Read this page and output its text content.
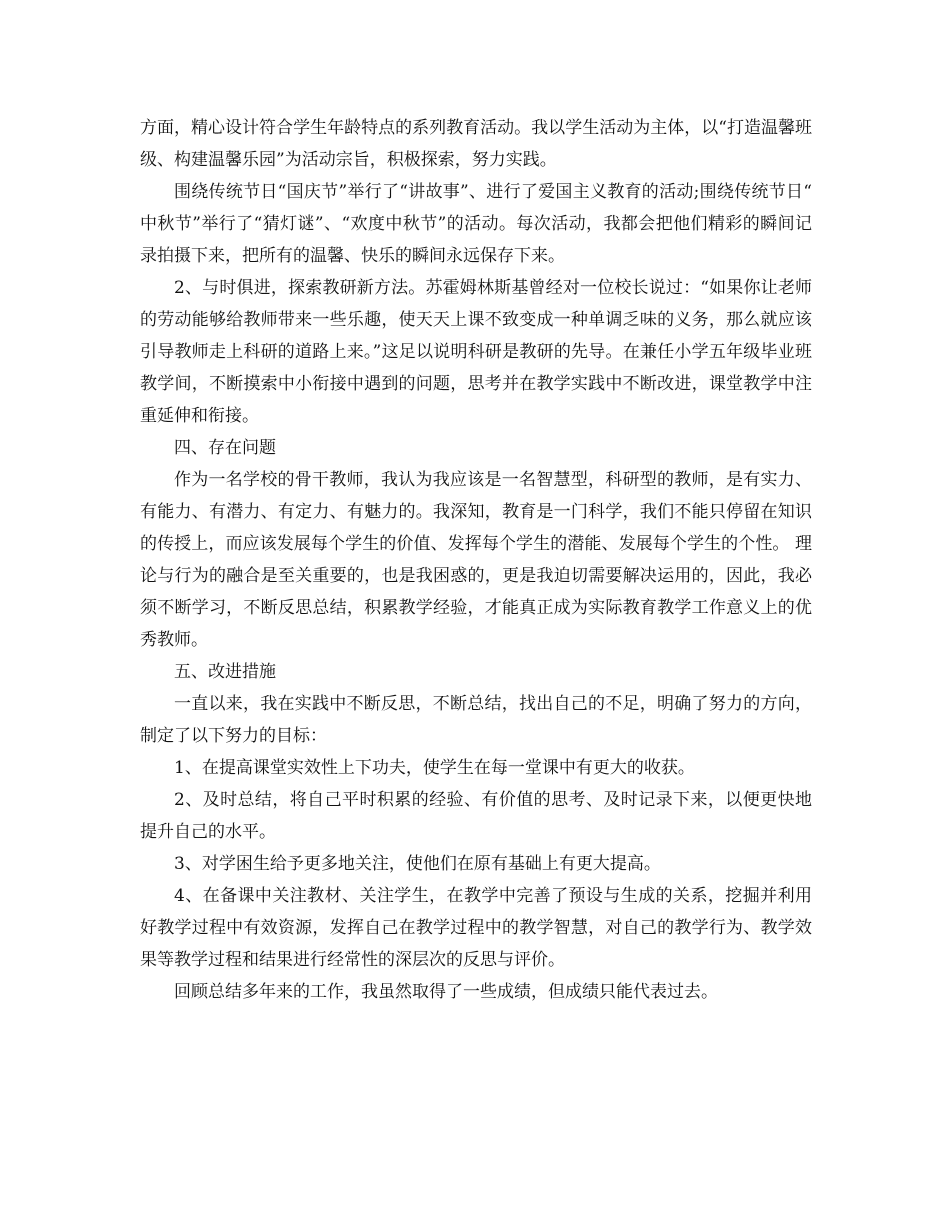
方面，精心设计符合学生年龄特点的系列教育活动。我以学生活动为主体，以“打造温馨班级、构建温馨乐园”为活动宗旨，积极探索，努力实践。

围绕传统节日“国庆节”举行了“讲故事”、进行了爱国主义教育的活动;围绕传统节日“中秋节”举行了“猜灯谜”、“欢度中秋节”的活动。每次活动，我都会把他们精彩的瞬间记录拍摄下来，把所有的温馨、快乐的瞬间永远保存下来。

2、与时俱进，探索教研新方法。苏霍姆林斯基曾经对一位校长说过：“如果你让老师的劳动能够给教师带来一些乐趣，使天天上课不致变成一种单调乏味的义务，那么就应该引导教师走上科研的道路上来。”这足以说明科研是教研的先导。在兼任小学五年级毕业班教学间，不断摸索中小衔接中遇到的问题，思考并在教学实践中不断改进，课堂教学中注重延伸和衔接。

四、存在问题

作为一名学校的骨干教师，我认为我应该是一名智慧型，科研型的教师，是有实力、有能力、有潜力、有定力、有魅力的。我深知，教育是一门科学，我们不能只停留在知识的传授上，而应该发展每个学生的价值、发挥每个学生的潜能、发展每个学生的个性。 理论与行为的融合是至关重要的，也是我困惑的，更是我迫切需要解决运用的，因此，我必须不断学习，不断反思总结，积累教学经验，才能真正成为实际教育教学工作意义上的优秀教师。

五、改进措施

一直以来，我在实践中不断反思，不断总结，找出自己的不足，明确了努力的方向，制定了以下努力的目标：

1、在提高课堂实效性上下功夫，使学生在每一堂课中有更大的收获。

2、及时总结，将自己平时积累的经验、有价值的思考、及时记录下来，以便更快地提升自己的水平。

3、对学困生给予更多地关注，使他们在原有基础上有更大提高。

4、在备课中关注教材、关注学生，在教学中完善了预设与生成的关系，挖掘并利用好教学过程中有效资源，发挥自己在教学过程中的教学智慧，对自己的教学行为、教学效果等教学过程和结果进行经常性的深层次的反思与评价。

回顾总结多年来的工作，我虽然取得了一些成绩，但成绩只能代表过去。
